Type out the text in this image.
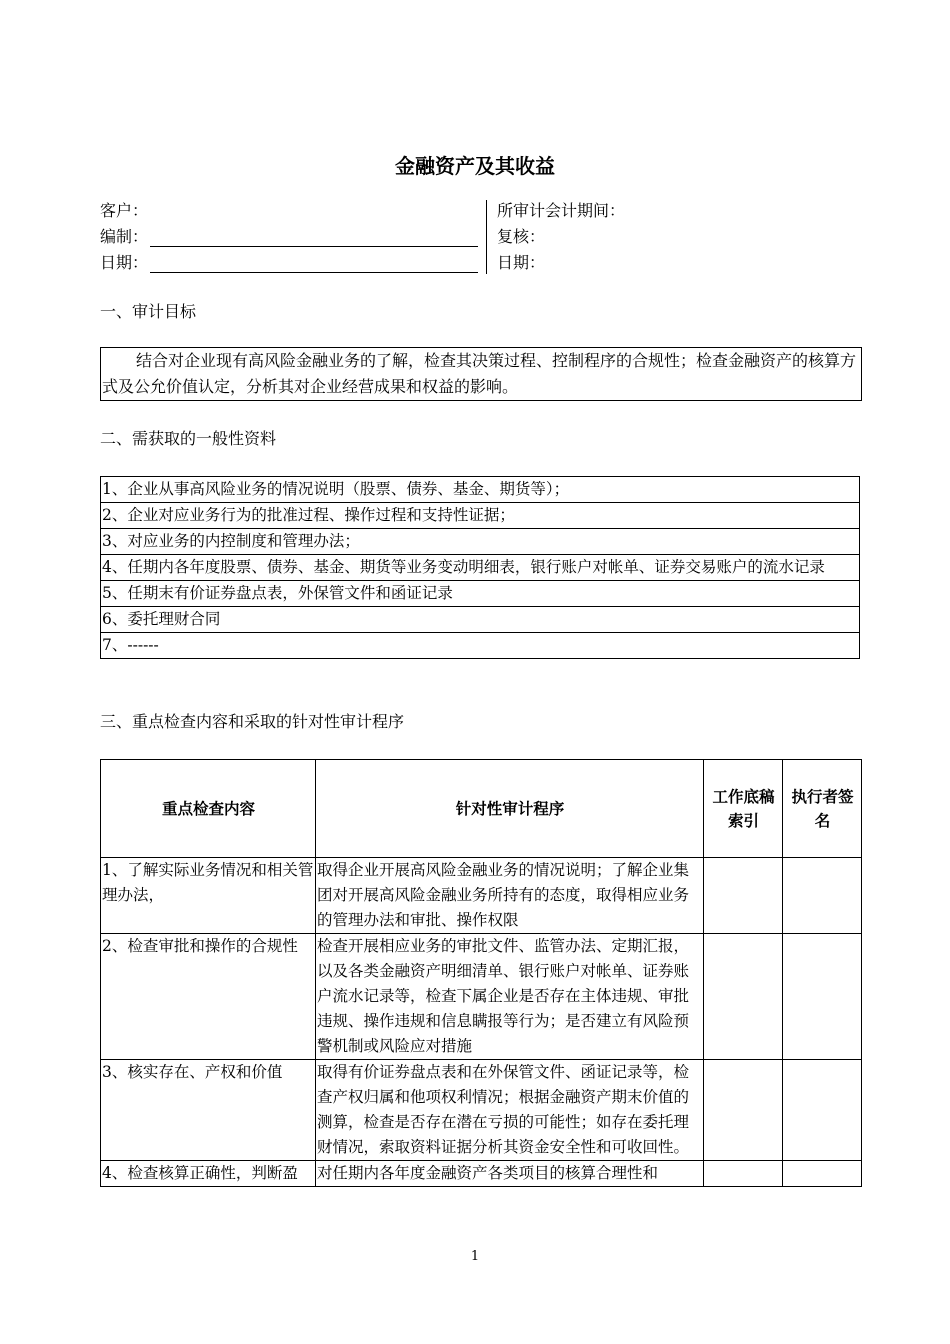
金融资产及其收益
客户：
编制：
日期：
所审计会计期间：
复核：
日期：
一、审计目标
结合对企业现有高风险金融业务的了解，检查其决策过程、控制程序的合规性；检查金融资产的核算方式及公允价值认定，分析其对企业经营成果和权益的影响。
二、需获取的一般性资料
1、企业从事高风险业务的情况说明（股票、债券、基金、期货等）；
2、企业对应业务行为的批准过程、操作过程和支持性证据；
3、对应业务的内控制度和管理办法；
4、任期内各年度股票、债券、基金、期货等业务变动明细表，银行账户对帐单、证券交易账户的流水记录
5、任期末有价证券盘点表，外保管文件和函证记录
6、委托理财合同
7、------
三、重点检查内容和采取的针对性审计程序
重点检查内容	针对性审计程序	工作底稿索引	执行者签名
1、了解实际业务情况和相关管理办法，	取得企业开展高风险金融业务的情况说明；了解企业集团对开展高风险金融业务所持有的态度，取得相应业务的管理办法和审批、操作权限		
2、检查审批和操作的合规性	检查开展相应业务的审批文件、监管办法、定期汇报，以及各类金融资产明细清单、银行账户对帐单、证券账户流水记录等，检查下属企业是否存在主体违规、审批违规、操作违规和信息瞒报等行为；是否建立有风险预警机制或风险应对措施		
3、核实存在、产权和价值	取得有价证券盘点表和在外保管文件、函证记录等，检查产权归属和他项权利情况；根据金融资产期末价值的测算，检查是否存在潜在亏损的可能性；如存在委托理财情况，索取资料证据分析其资金安全性和可收回性。		
4、检查核算正确性，判断盈	对任期内各年度金融资产各类项目的核算合理性和		
1
